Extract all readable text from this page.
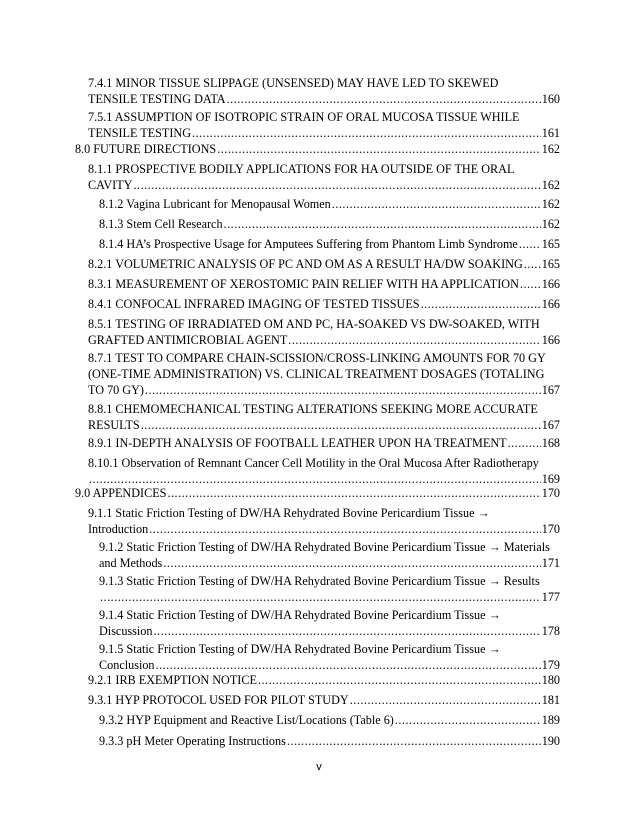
7.4.1 MINOR TISSUE SLIPPAGE (UNSENSED) MAY HAVE LED TO SKEWED
TENSILE TESTING DATA .....	160
7.5.1 ASSUMPTION OF ISOTROPIC STRAIN OF ORAL MUCOSA TISSUE WHILE
TENSILE TESTING .....	161
8.0 FUTURE DIRECTIONS .....	162
8.1.1 PROSPECTIVE BODILY APPLICATIONS FOR HA OUTSIDE OF THE ORAL
CAVITY .....	162
8.1.2 Vagina Lubricant for Menopausal Women .....	162
8.1.3 Stem Cell Research .....	162
8.1.4 HA’s Prospective Usage for Amputees Suffering from Phantom Limb Syndrome ..... 165
8.2.1 VOLUMETRIC ANALYSIS OF PC AND OM AS A RESULT HA/DW SOAKING ..... 165
8.3.1 MEASUREMENT OF XEROSTOMIC PAIN RELIEF WITH HA APPLICATION ..... 166
8.4.1 CONFOCAL INFRARED IMAGING OF TESTED TISSUES .....	166
8.5.1 TESTING OF IRRADIATED OM AND PC, HA-SOAKED VS DW-SOAKED, WITH
GRAFTED ANTIMICROBIAL AGENT .....	166
8.7.1 TEST TO COMPARE CHAIN-SCISSION/CROSS-LINKING AMOUNTS FOR 70 GY
(ONE-TIME ADMINISTRATION) VS. CLINICAL TREATMENT DOSAGES (TOTALING
TO 70 GY) .....	167
8.8.1 CHEMOMECHANICAL TESTING ALTERATIONS SEEKING MORE ACCURATE
RESULTS .....	167
8.9.1 IN-DEPTH ANALYSIS OF FOOTBALL LEATHER UPON HA TREATMENT .....	168
8.10.1 Observation of Remnant Cancer Cell Motility in the Oral Mucosa After Radiotherapy
.....
169
9.0 APPENDICES .....	170
9.1.1 Static Friction Testing of DW/HA Rehydrated Bovine Pericardium Tissue →
Introduction .....	170
9.1.2 Static Friction Testing of DW/HA Rehydrated Bovine Pericardium Tissue → Materials
and Methods .....	171
9.1.3 Static Friction Testing of DW/HA Rehydrated Bovine Pericardium Tissue → Results
.....
177
9.1.4 Static Friction Testing of DW/HA Rehydrated Bovine Pericardium Tissue →
Discussion .....	178
9.1.5 Static Friction Testing of DW/HA Rehydrated Bovine Pericardium Tissue →
Conclusion .....	179
9.2.1 IRB EXEMPTION NOTICE .....	180
9.3.1 HYP PROTOCOL USED FOR PILOT STUDY .....	181
9.3.2 HYP Equipment and Reactive List/Locations (Table 6) .....	189
9.3.3 pH Meter Operating Instructions .....	190
v
